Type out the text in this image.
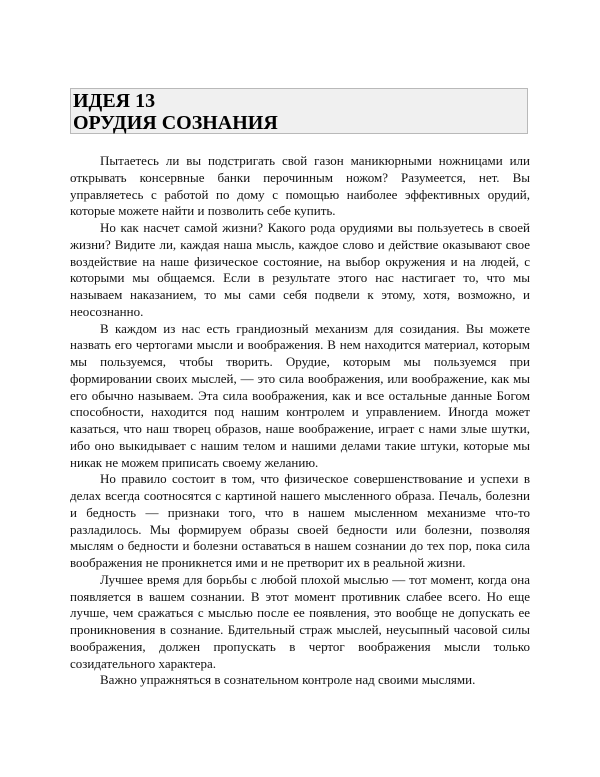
ИДЕЯ 13
ОРУДИЯ СОЗНАНИЯ

Пытаетесь ли вы подстригать свой газон маникюрными ножницами или открывать консервные банки перочинным ножом? Разумеется, нет. Вы управляетесь с работой по дому с помощью наиболее эффективных орудий, которые можете найти и позволить себе купить.

Но как насчет самой жизни? Какого рода орудиями вы пользуетесь в своей жизни? Видите ли, каждая наша мысль, каждое слово и действие оказывают свое воздействие на наше физическое состояние, на выбор окружения и на людей, с которыми мы общаемся. Если в результате этого нас настигает то, что мы называем наказанием, то мы сами себя подвели к этому, хотя, возможно, и неосознанно.

В каждом из нас есть грандиозный механизм для созидания. Вы можете назвать его чертогами мысли и воображения. В нем находится материал, которым мы пользуемся, чтобы творить. Орудие, которым мы пользуемся при формировании своих мыслей, — это сила воображения, или воображение, как мы его обычно называем. Эта сила воображения, как и все остальные данные Богом способности, находится под нашим контролем и управлением. Иногда может казаться, что наш творец образов, наше воображение, играет с нами злые шутки, ибо оно выкидывает с нашим телом и нашими делами такие штуки, которые мы никак не можем приписать своему желанию.

Но правило состоит в том, что физическое совершенствование и успехи в делах всегда соотносятся с картиной нашего мысленного образа. Печаль, болезни и бедность — признаки того, что в нашем мысленном механизме что-то разладилось. Мы формируем образы своей бедности или болезни, позволяя мыслям о бедности и болезни оставаться в нашем сознании до тех пор, пока сила воображения не проникнется ими и не претворит их в реальной жизни.

Лучшее время для борьбы с любой плохой мыслью — тот момент, когда она появляется в вашем сознании. В этот момент противник слабее всего. Но еще лучше, чем сражаться с мыслью после ее появления, это вообще не допускать ее проникновения в сознание. Бдительный страж мыслей, неусыпный часовой силы воображения, должен пропускать в чертог воображения мысли только созидательного характера.

Важно упражняться в сознательном контроле над своими мыслями.
